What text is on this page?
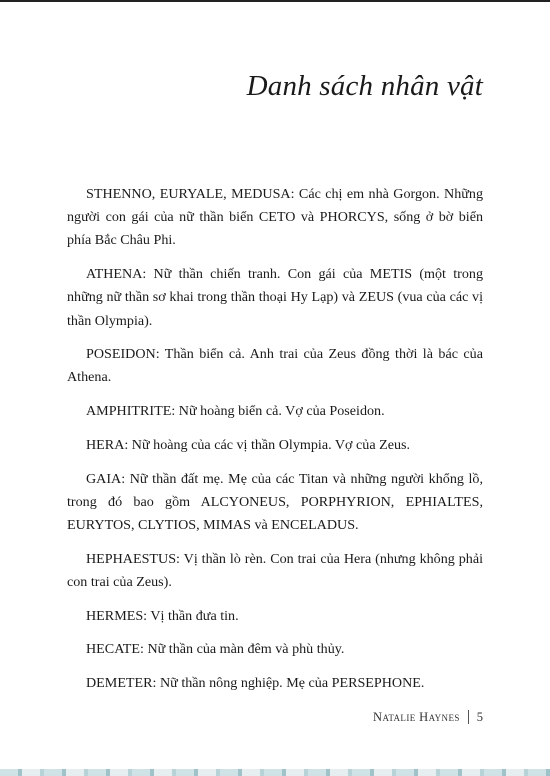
Danh sách nhân vật

STHENNO, EURYALE, MEDUSA: Các chị em nhà Gorgon. Những người con gái của nữ thần biển CETO và PHORCYS, sống ở bờ biển phía Bắc Châu Phi.

ATHENA: Nữ thần chiến tranh. Con gái của METIS (một trong những nữ thần sơ khai trong thần thoại Hy Lạp) và ZEUS (vua của các vị thần Olympia).

POSEIDON: Thần biển cả. Anh trai của Zeus đồng thời là bác của Athena.

AMPHITRITE: Nữ hoàng biển cả. Vợ của Poseidon.

HERA: Nữ hoàng của các vị thần Olympia. Vợ của Zeus.

GAIA: Nữ thần đất mẹ. Mẹ của các Titan và những người khổng lồ, trong đó bao gồm ALCYONEUS, PORPHYRION, EPHIALTES, EURYTOS, CLYTIOS, MIMAS và ENCELADUS.

HEPHAESTUS: Vị thần lò rèn. Con trai của Hera (nhưng không phải con trai của Zeus).

HERMES: Vị thần đưa tin.

HECATE: Nữ thần của màn đêm và phù thủy.

DEMETER: Nữ thần nông nghiệp. Mẹ của PERSEPHONE.

Natalie Haynes 5
